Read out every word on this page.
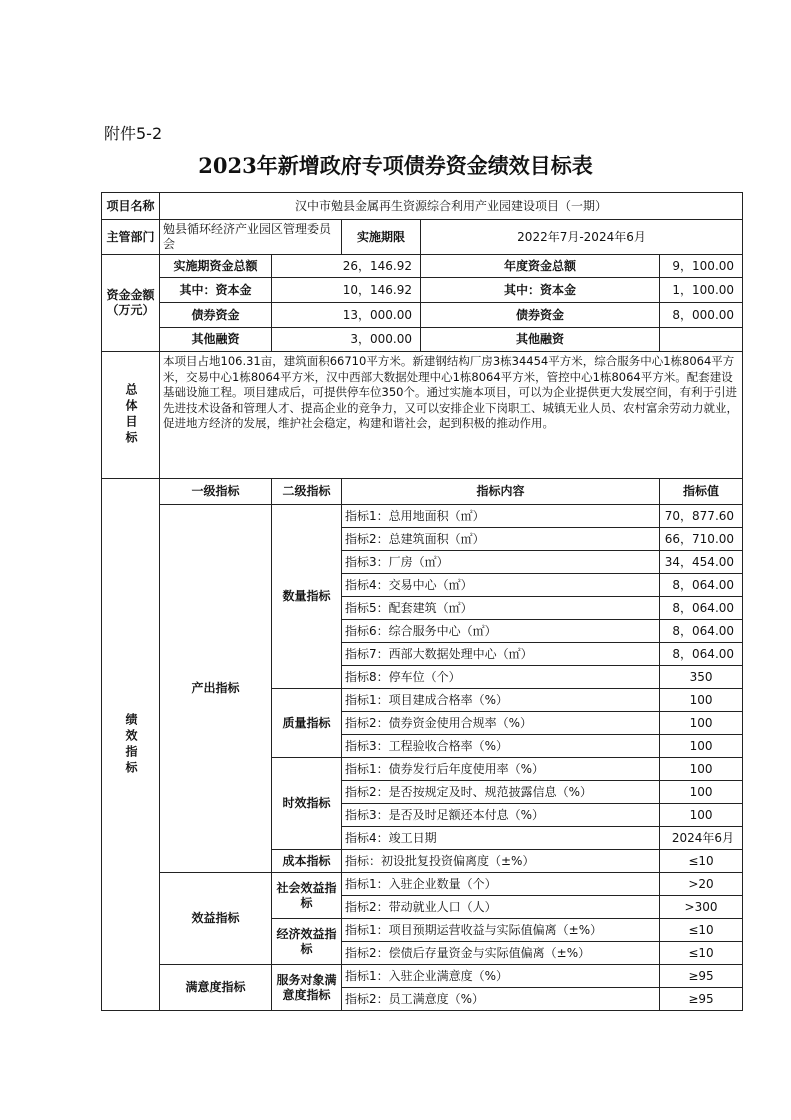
附件5-2
2023年新增政府专项债券资金绩效目标表
项目名称	汉中市勉县金属再生资源综合利用产业园建设项目（一期）				
主管部门	勉县循环经济产业园区管理委员会		实施期限	2022年7月-2024年6月	
资金金额（万元）	实施期资金总额	26，146.92		年度资金总额	9，100.00
	其中：资本金	10，146.92		其中：资本金	1，100.00
	债券资金	13，000.00		债券资金	8，000.00
	其他融资	3，000.00		其他融资	
总体目标	本项目占地106.31亩，建筑面积66710平方米。新建钢结构厂房3栋34454平方米，综合服务中心1栋8064平方米，交易中心1栋8064平方米，汉中西部大数据处理中心1栋8064平方米，管控中心1栋8064平方米。配套建设基础设施工程。项目建成后，可提供停车位350个。通过实施本项目，可以为企业提供更大发展空间，有利于引进先进技术设备和管理人才、提高企业的竞争力，又可以安排企业下岗职工、城镇无业人员、农村富余劳动力就业，促进地方经济的发展，维护社会稳定，构建和谐社会，起到积极的推动作用。				
绩效指标	一级指标	二级指标	指标内容		指标值
	产出指标	数量指标	指标1：总用地面积（㎡）		70，877.60
			指标2：总建筑面积（㎡）		66，710.00
			指标3：厂房（㎡）		34，454.00
			指标4：交易中心（㎡）		8，064.00
			指标5：配套建筑（㎡）		8，064.00
			指标6：综合服务中心（㎡）		8，064.00
			指标7：西部大数据处理中心（㎡）		8，064.00
			指标8：停车位（个）		350
		质量指标	指标1：项目建成合格率（%）		100
			指标2：债券资金使用合规率（%）		100
			指标3：工程验收合格率（%）		100
		时效指标	指标1：债券发行后年度使用率（%）		100
			指标2：是否按规定及时、规范披露信息（%）		100
			指标3：是否及时足额还本付息（%）		100
			指标4：竣工日期		2024年6月
		成本指标	指标：初设批复投资偏离度（±%）		≤10
	效益指标	社会效益指标	指标1：入驻企业数量（个）		>20
			指标2：带动就业人口（人）		>300
		经济效益指标	指标1：项目预期运营收益与实际值偏离（±%）		≤10
			指标2：偿债后存量资金与实际值偏离（±%）		≤10
	满意度指标	服务对象满意度指标	指标1：入驻企业满意度（%）		≥95
			指标2：员工满意度（%）		≥95
